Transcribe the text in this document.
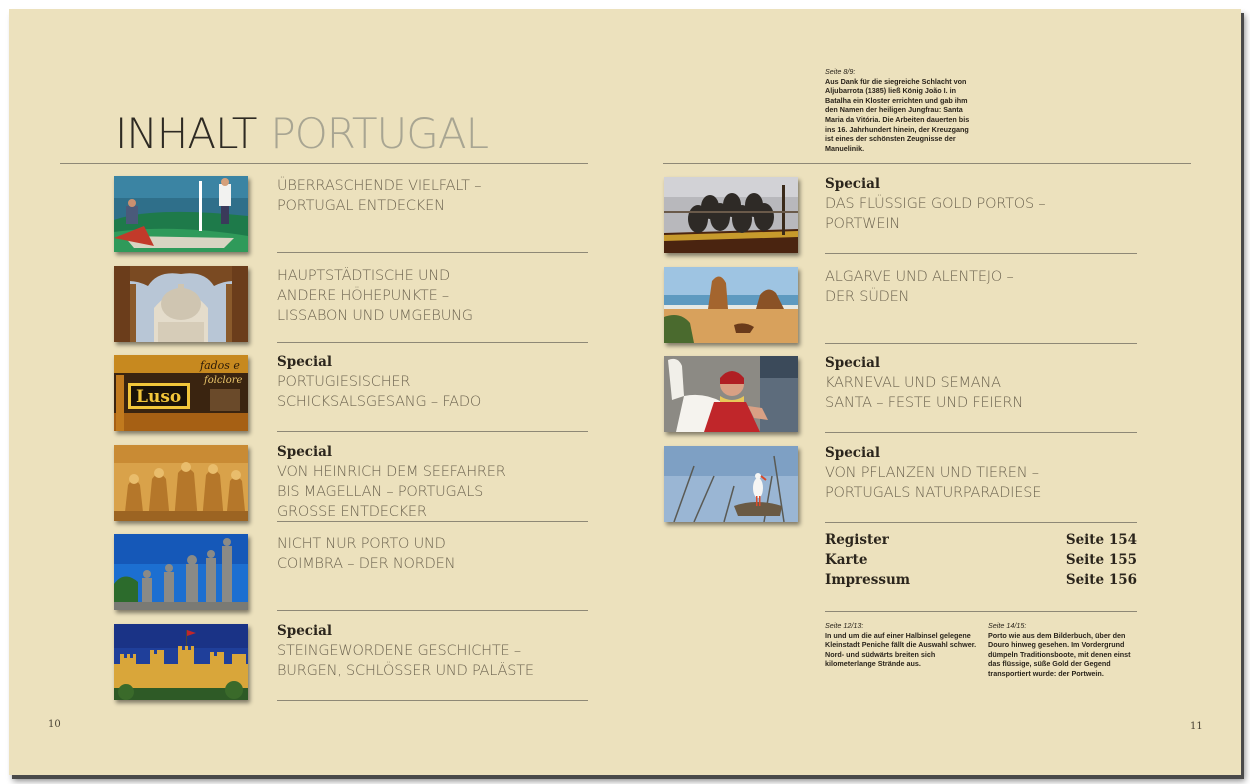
INHALT PORTUGAL
Seite 8/9:
Aus Dank für die siegreiche Schlacht von Aljubarrota (1385) ließ König João I. in Batalha ein Kloster errichten und gab ihm den Namen der heiligen Jungfrau: Santa Maria da Vitória. Die Arbeiten dauerten bis ins 16. Jahrhundert hinein, der Kreuzgang ist eines der schönsten Zeugnisse der Manuelinik.
ÜBERRASCHENDE VIELFALT –
PORTUGAL ENTDECKEN
HAUPTSTÄDTISCHE UND
ANDERE HÖHEPUNKTE –
LISSABON UND UMGEBUNG
fados e
folclore
Luso
Special
PORTUGIESISCHER
SCHICKSALSGESANG – FADO
Special
VON HEINRICH DEM SEEFAHRER
BIS MAGELLAN – PORTUGALS
GROSSE ENTDECKER
NICHT NUR PORTO UND
COIMBRA – DER NORDEN
Special
STEINGEWORDENE GESCHICHTE –
BURGEN, SCHLÖSSER UND PALÄSTE
Special
DAS FLÜSSIGE GOLD PORTOS –
PORTWEIN
ALGARVE UND ALENTEJO –
DER SÜDEN
Special
KARNEVAL UND SEMANA
SANTA – FESTE UND FEIERN
Special
VON PFLANZEN UND TIEREN –
PORTUGALS NATURPARADIESE
Register	Seite 154
Karte	Seite 155
Impressum	Seite 156
Seite 12/13:
In und um die auf einer Halbinsel gelegene Kleinstadt Peniche fällt die Auswahl schwer. Nord- und südwärts breiten sich kilometerlange Strände aus.
Seite 14/15:
Porto wie aus dem Bilderbuch, über den Douro hinweg gesehen. Im Vordergrund dümpeln Traditionsboote, mit denen einst das flüssige, süße Gold der Gegend transportiert wurde: der Portwein.
10	11
